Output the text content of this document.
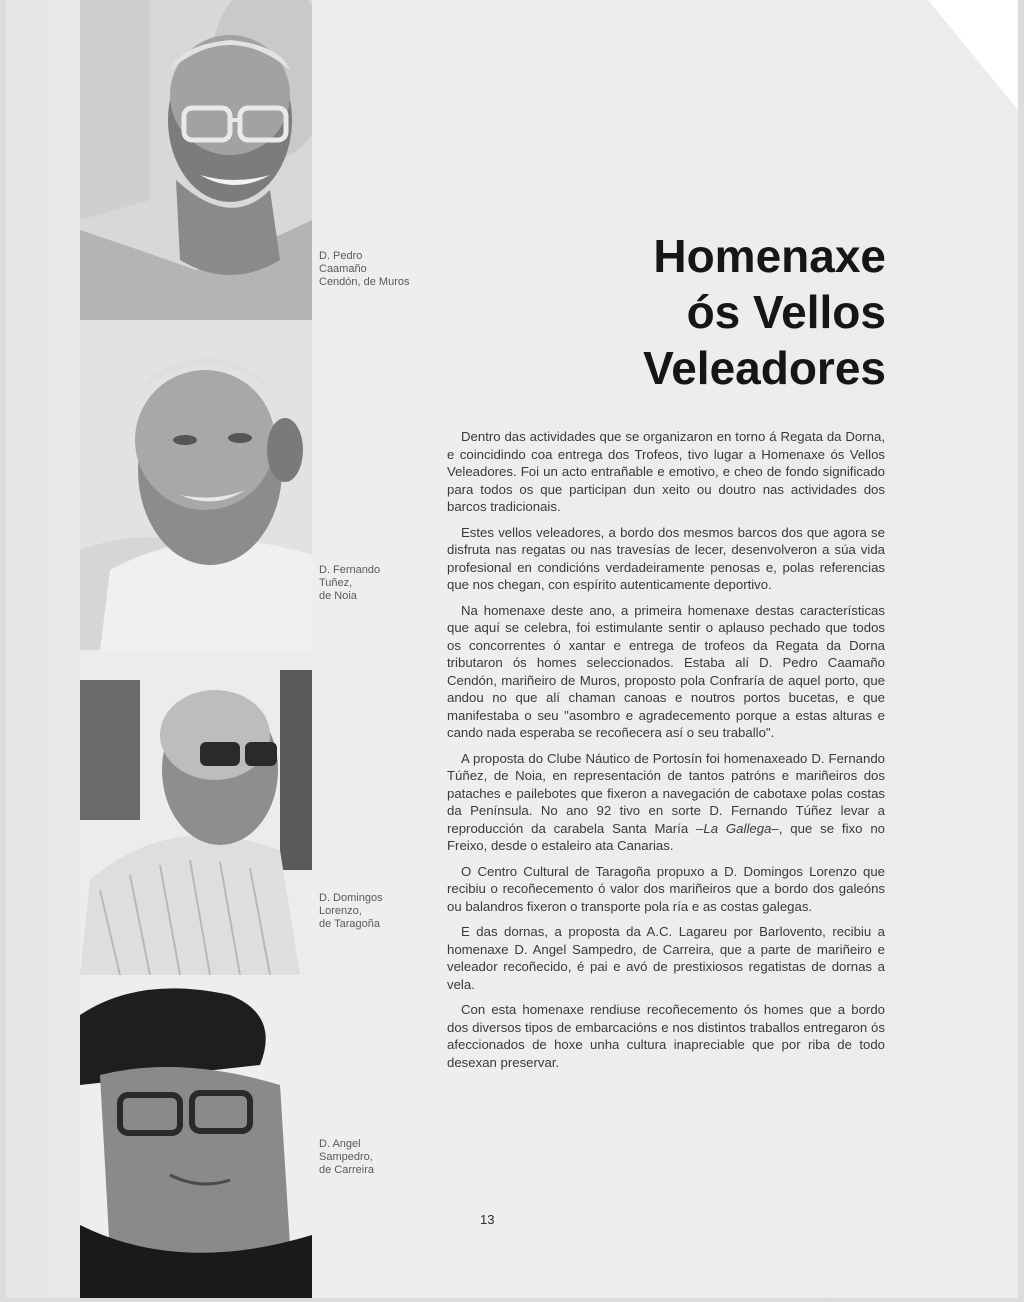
D. Pedro
Caamaño
Cendón, de Muros
D. Fernando
Tuñez,
de Noia
D. Domingos
Lorenzo,
de Taragoña
D. Angel
Sampedro,
de Carreira
Homenaxe
ós Vellos
Veleadores

Dentro das actividades que se organizaron en torno á Regata da Dorna, e coincidindo coa entrega dos Trofeos, tivo lugar a Homenaxe ós Vellos Veleadores. Foi un acto entrañable e emotivo, e cheo de fondo significado para todos os que participan dun xeito ou doutro nas actividades dos barcos tradicionais.

Estes vellos veleadores, a bordo dos mesmos barcos dos que agora se disfruta nas regatas ou nas travesías de lecer, desenvolveron a súa vida profesional en condicións verdadeiramente penosas e, polas referencias que nos chegan, con espírito autenticamente deportivo.

Na homenaxe deste ano, a primeira homenaxe destas características que aquí se celebra, foi estimulante sentir o aplauso pechado que todos os concorrentes ó xantar e entrega de trofeos da Regata da Dorna tributaron ós homes seleccionados. Estaba alí D. Pedro Caamaño Cendón, mariñeiro de Muros, proposto pola Confraría de aquel porto, que andou no que alí chaman canoas e noutros portos bucetas, e que manifestaba o seu "asombro e agradecemento porque a estas alturas e cando nada esperaba se recoñecera así o seu traballo".

A proposta do Clube Náutico de Portosín foi homenaxeado D. Fernando Túñez, de Noia, en representación de tantos patróns e mariñeiros dos pataches e pailebotes que fixeron a navegación de cabotaxe polas costas da Península. No ano 92 tivo en sorte D. Fernando Túñez levar a reproducción da carabela Santa María –La Gallega–, que se fixo no Freixo, desde o estaleiro ata Canarias.

O Centro Cultural de Taragoña propuxo a D. Domingos Lorenzo que recibiu o recoñecemento ó valor dos mariñeiros que a bordo dos galeóns ou balandros fixeron o transporte pola ría e as costas galegas.

E das dornas, a proposta da A.C. Lagareu por Barlovento, recibiu a homenaxe D. Angel Sampedro, de Carreira, que a parte de mariñeiro e veleador recoñecido, é pai e avó de prestixiosos regatistas de dornas a vela.

Con esta homenaxe rendiuse recoñecemento ós homes que a bordo dos diversos tipos de embarcacións e nos distintos traballos entregaron ós afeccionados de hoxe unha cultura inapreciable que por riba de todo desexan preservar.

13
